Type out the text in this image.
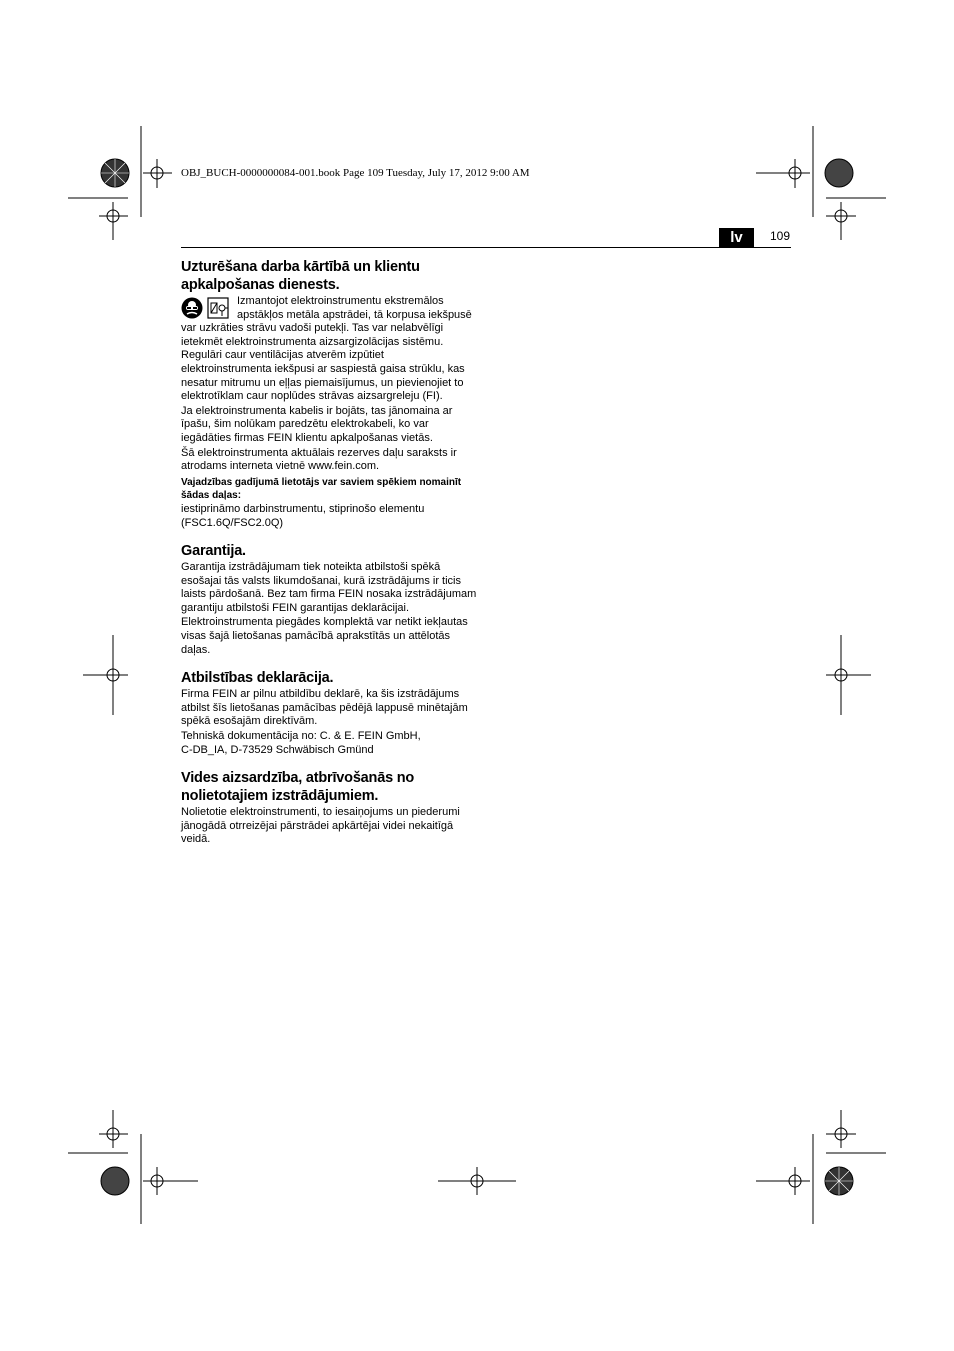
OBJ_BUCH-0000000084-001.book Page 109 Tuesday, July 17, 2012 9:00 AM
lv	109
Uzturēšana darba kārtībā un klientu apkalpošanas dienests.

Izmantojot elektroinstrumentu ekstremālos apstākļos metāla apstrādei, tā korpusa iekšpusē var uzkrāties strāvu vadoši putekļi. Tas var nelabvēlīgi ietekmēt elektroinstrumenta aizsargizolācijas sistēmu. Regulāri caur ventilācijas atverēm izpūtiet elektroinstrumenta iekšpusi ar saspiestā gaisa strūklu, kas nesatur mitrumu un eļļas piemaisījumus, un pievienojiet to elektrotīklam caur noplūdes strāvas aizsargreleju (FI).

Ja elektroinstrumenta kabelis ir bojāts, tas jānomaina ar īpašu, šim nolūkam paredzētu elektrokabeli, ko var iegādāties firmas FEIN klientu apkalpošanas vietās.

Šā elektroinstrumenta aktuālais rezerves daļu saraksts ir atrodams interneta vietnē www.fein.com.

Vajadzības gadījumā lietotājs var saviem spēkiem nomainīt šādas daļas:

iestiprināmo darbinstrumentu, stiprinošo elementu (FSC1.6Q/FSC2.0Q)

Garantija.

Garantija izstrādājumam tiek noteikta atbilstoši spēkā esošajai tās valsts likumdošanai, kurā izstrādājums ir ticis laists pārdošanā. Bez tam firma FEIN nosaka izstrādājumam garantiju atbilstoši FEIN garantijas deklarācijai.

Elektroinstrumenta piegādes komplektā var netikt iekļautas visas šajā lietošanas pamācībā aprakstītās un attēlotās daļas.

Atbilstības deklarācija.

Firma FEIN ar pilnu atbildību deklarē, ka šis izstrādājums atbilst šīs lietošanas pamācības pēdējā lappusē minētajām spēkā esošajām direktīvām.

Tehniskā dokumentācija no: C. & E. FEIN GmbH,

C-DB_IA, D-73529 Schwäbisch Gmünd

Vides aizsardzība, atbrīvošanās no nolietotajiem izstrādājumiem.

Nolietotie elektroinstrumenti, to iesaiņojums un piederumi jānogādā otrreizējai pārstrādei apkārtējai videi nekaitīgā veidā.
